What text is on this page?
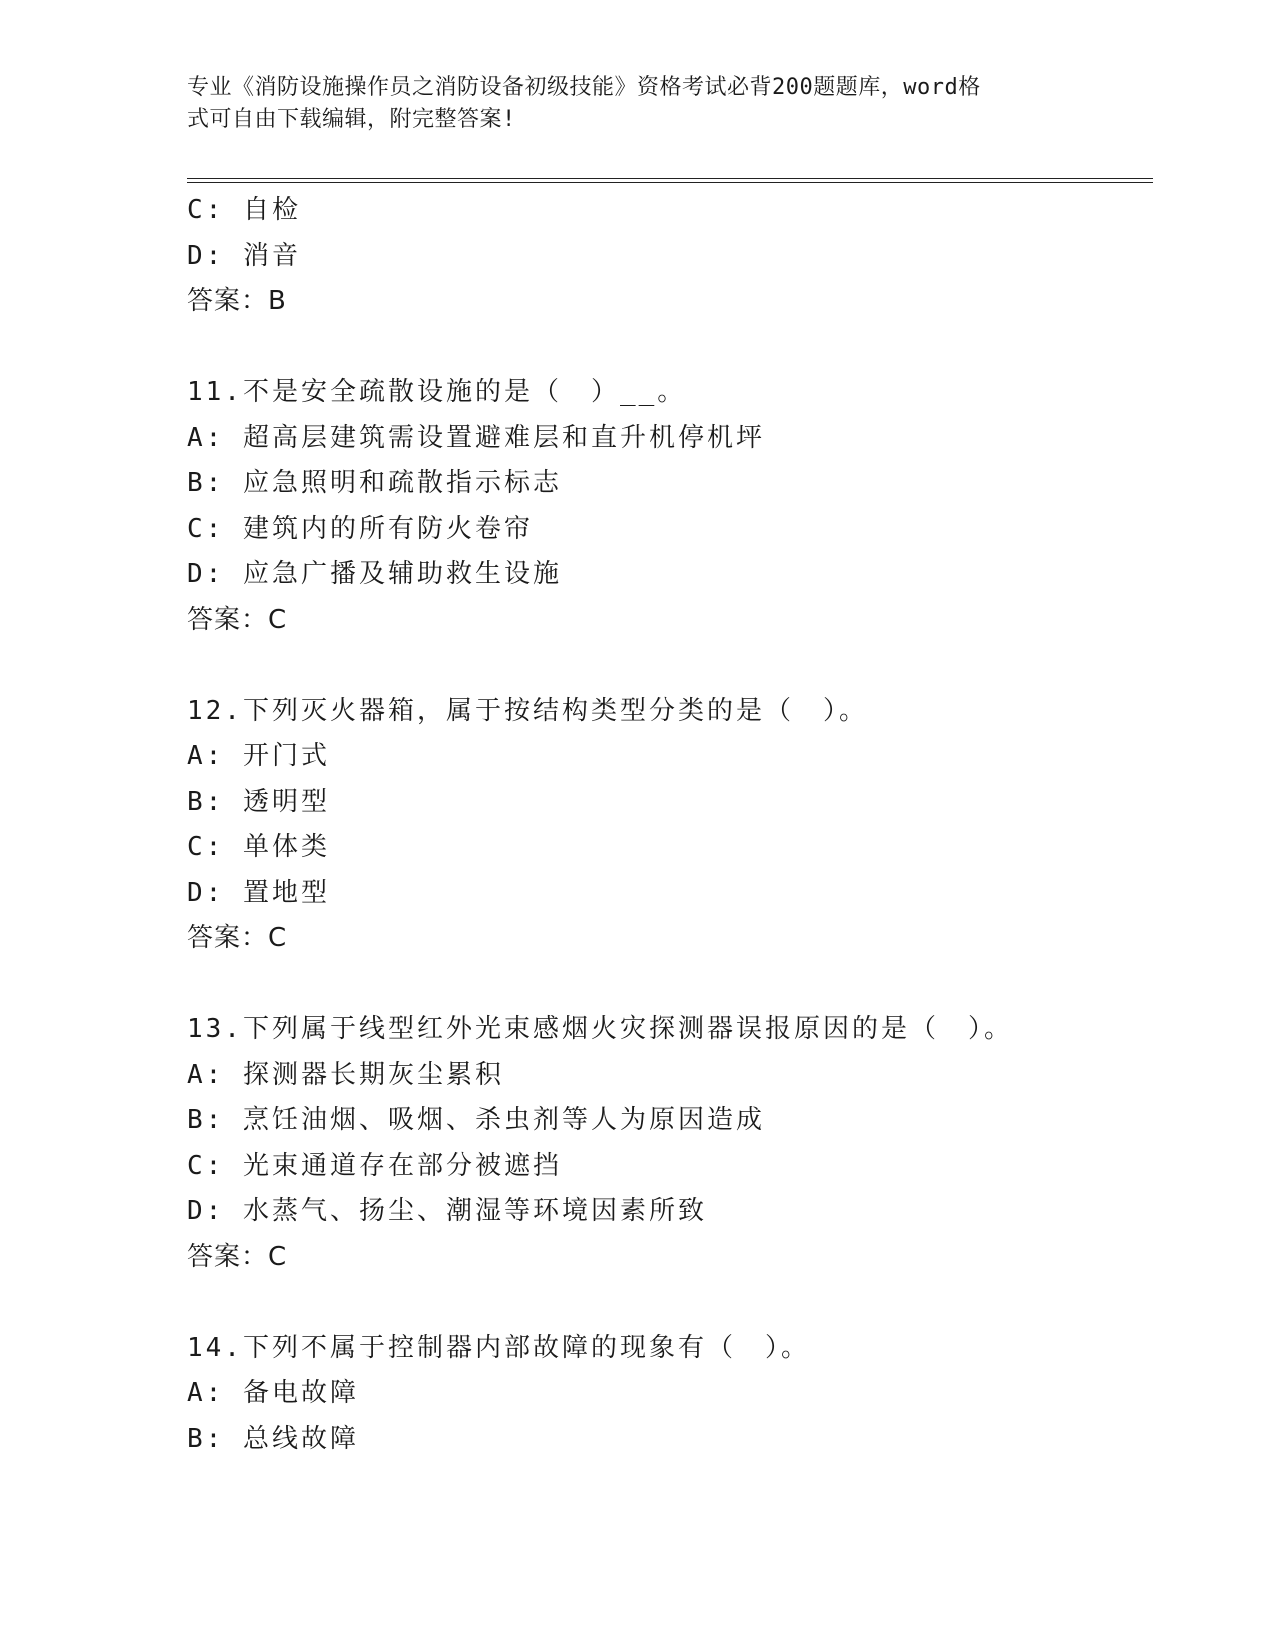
专业《消防设施操作员之消防设备初级技能》资格考试必背200题题库，word格
式可自由下载编辑，附完整答案!
C: 自检
D: 消音
答案：B
11.不是安全疏散设施的是（　）__。
A: 超高层建筑需设置避难层和直升机停机坪
B: 应急照明和疏散指示标志
C: 建筑内的所有防火卷帘
D: 应急广播及辅助救生设施
答案：C
12.下列灭火器箱，属于按结构类型分类的是（　）。
A: 开门式
B: 透明型
C: 单体类
D: 置地型
答案：C
13.下列属于线型红外光束感烟火灾探测器误报原因的是（　）。
A: 探测器长期灰尘累积
B: 烹饪油烟、吸烟、杀虫剂等人为原因造成
C: 光束通道存在部分被遮挡
D: 水蒸气、扬尘、潮湿等环境因素所致
答案：C
14.下列不属于控制器内部故障的现象有（　）。
A: 备电故障
B: 总线故障
